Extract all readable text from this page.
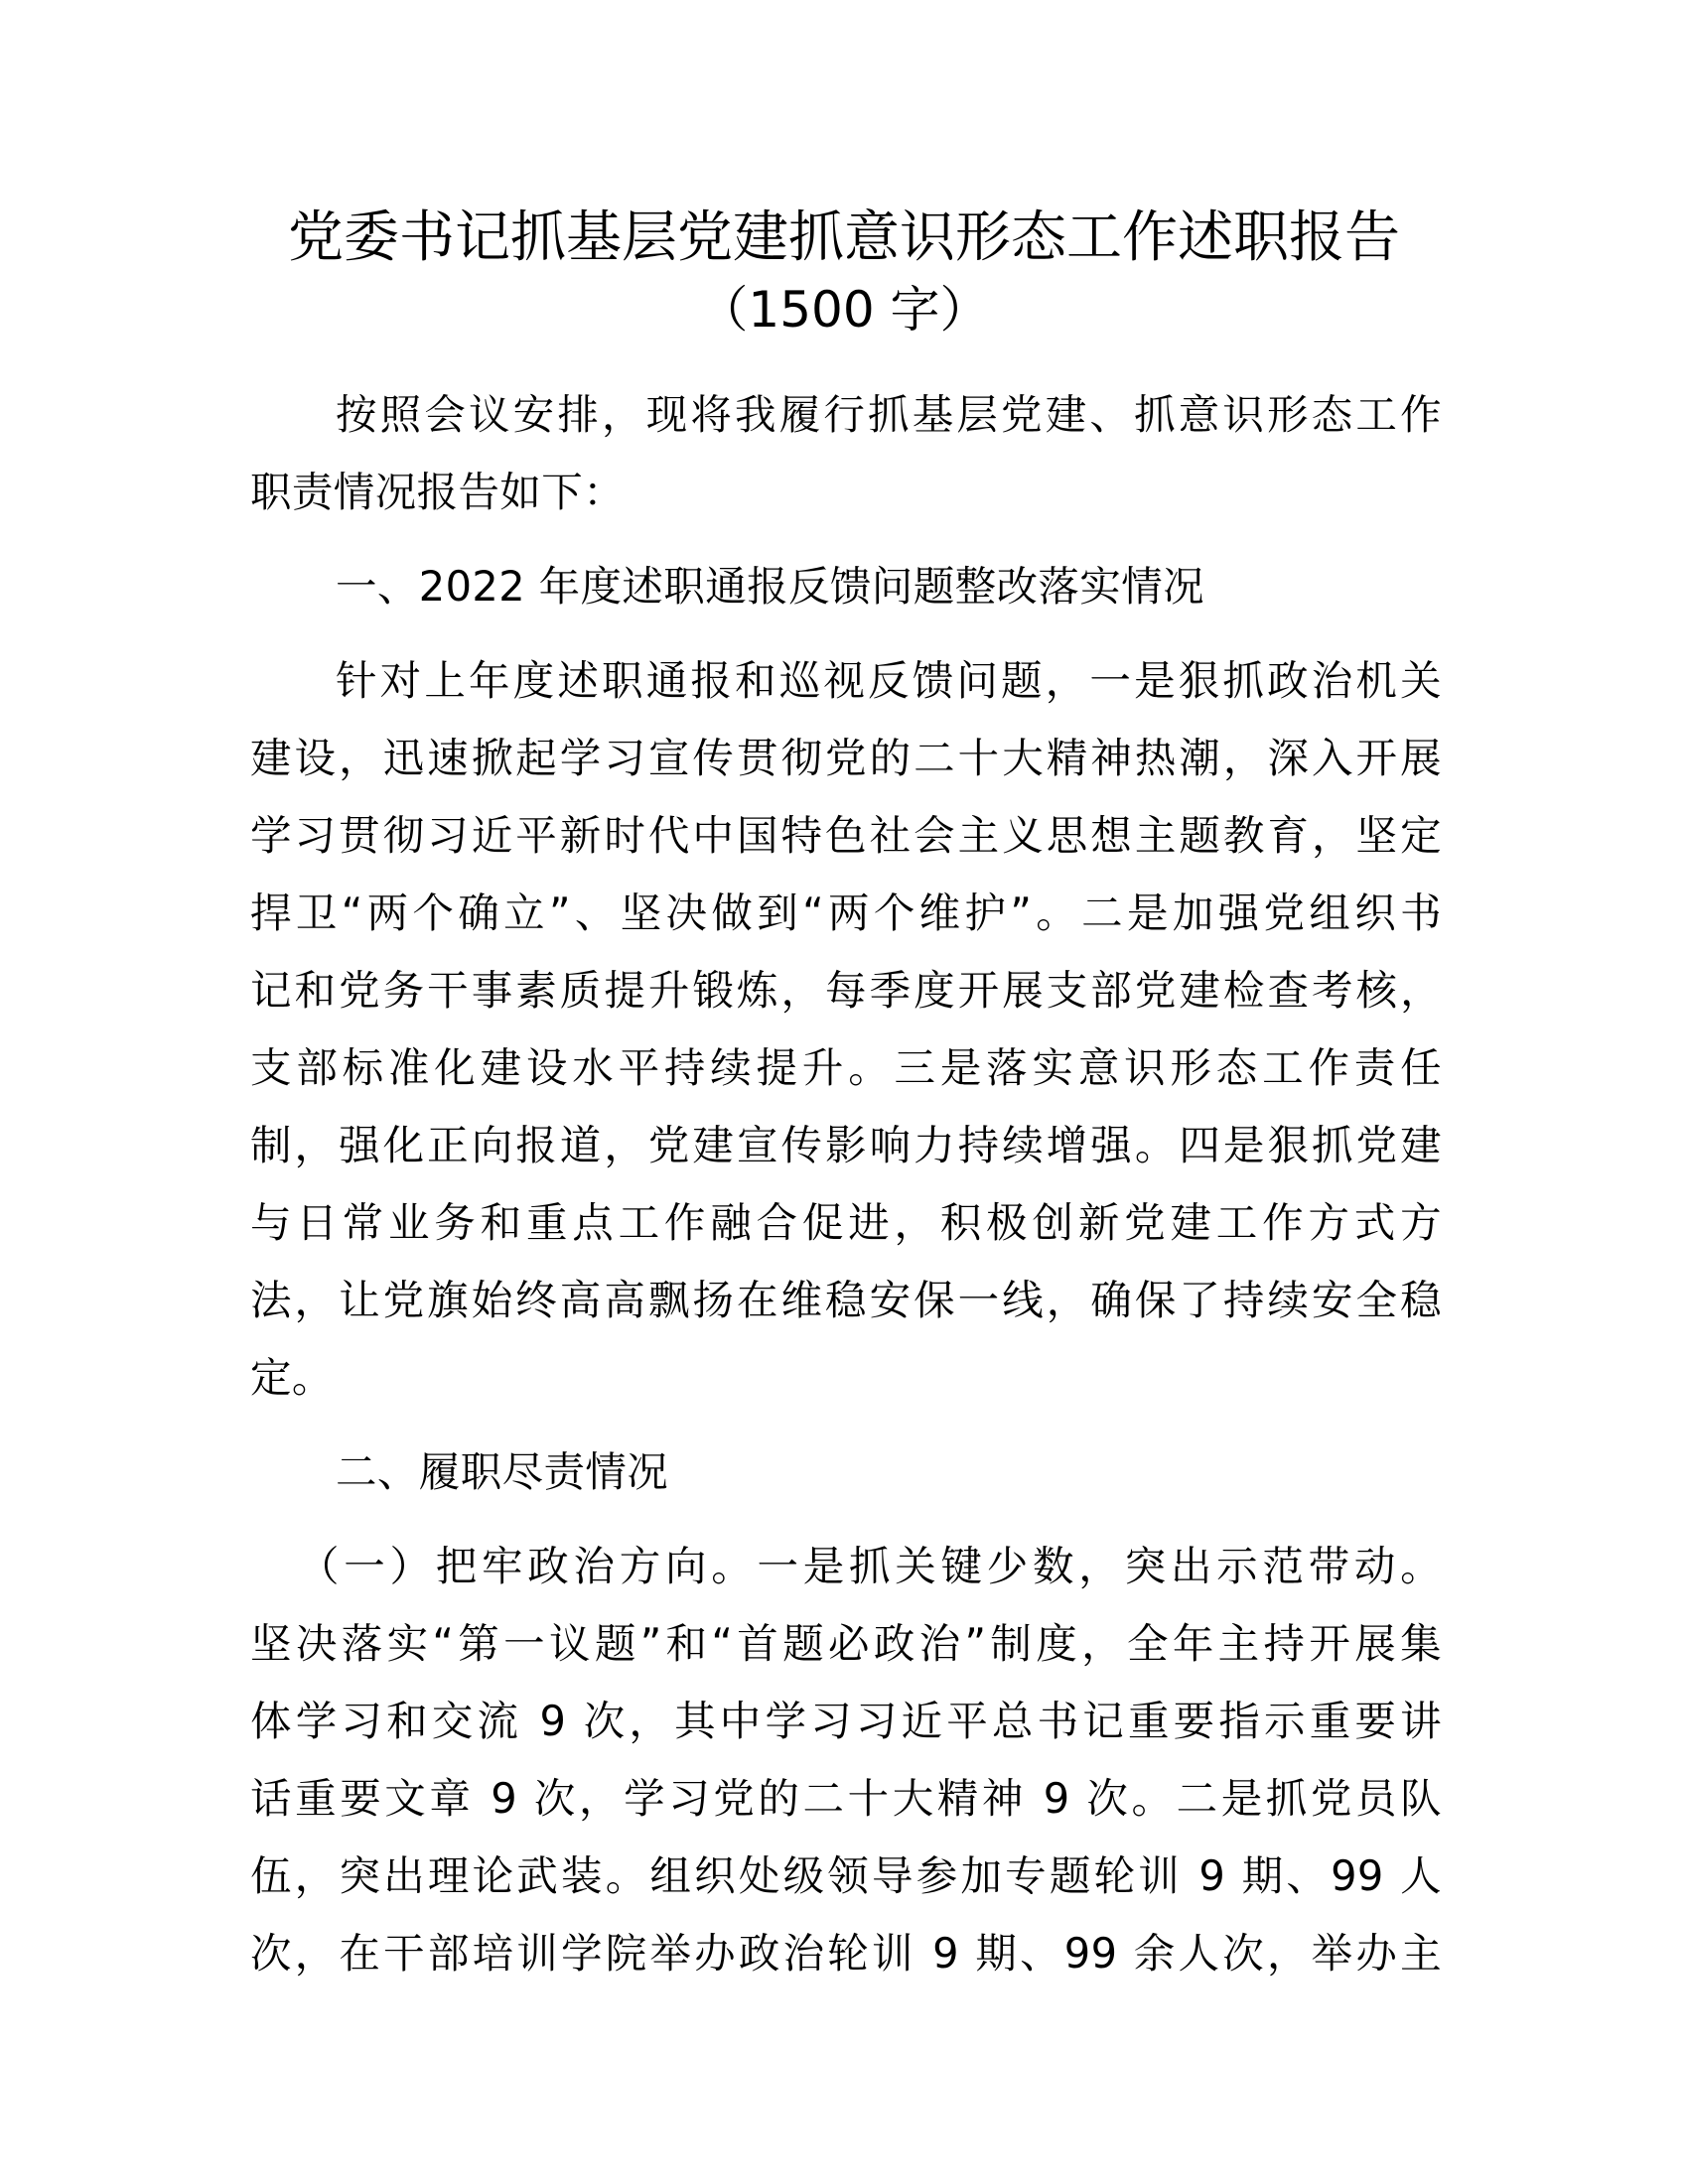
党委书记抓基层党建抓意识形态工作述职报告
（1500 字）
按照会议安排，现将我履行抓基层党建、抓意识形态工作
职责情况报告如下：
一、2022 年度述职通报反馈问题整改落实情况
针对上年度述职通报和巡视反馈问题，一是狠抓政治机关
建设，迅速掀起学习宣传贯彻党的二十大精神热潮，深入开展
学习贯彻习近平新时代中国特色社会主义思想主题教育，坚定
捍卫“两个确立”、坚决做到“两个维护”。二是加强党组织书
记和党务干事素质提升锻炼，每季度开展支部党建检查考核，
支部标准化建设水平持续提升。三是落实意识形态工作责任
制，强化正向报道，党建宣传影响力持续增强。四是狠抓党建
与日常业务和重点工作融合促进，积极创新党建工作方式方
法，让党旗始终高高飘扬在维稳安保一线，确保了持续安全稳
定。
二、履职尽责情况
（一）把牢政治方向。一是抓关键少数，突出示范带动。
坚决落实“第一议题”和“首题必政治”制度，全年主持开展集
体学习和交流 9 次，其中学习习近平总书记重要指示重要讲
话重要文章 9 次，学习党的二十大精神 9 次。二是抓党员队
伍，突出理论武装。组织处级领导参加专题轮训 9 期、99 人
次，在干部培训学院举办政治轮训 9 期、99 余人次，举办主
